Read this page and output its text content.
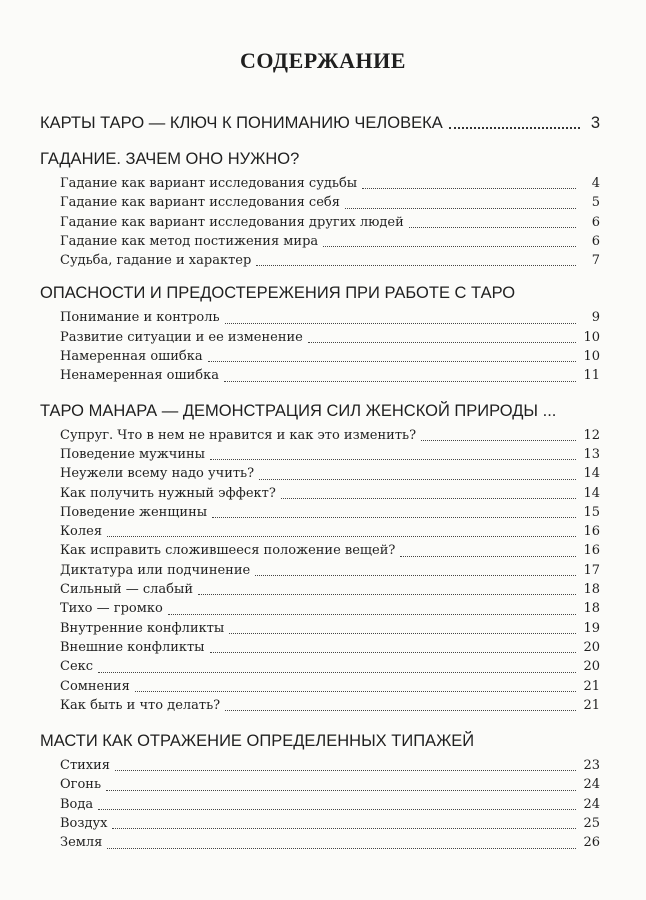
СОДЕРЖАНИЕ
КАРТЫ ТАРО — КЛЮЧ К ПОНИМАНИЮ ЧЕЛОВЕКА	3
ГАДАНИЕ. ЗАЧЕМ ОНО НУЖНО?
Гадание как вариант исследования судьбы	4
Гадание как вариант исследования себя	5
Гадание как вариант исследования других людей	6
Гадание как метод постижения мира	6
Судьба, гадание и характер	7
ОПАСНОСТИ И ПРЕДОСТЕРЕЖЕНИЯ ПРИ РАБОТЕ С ТАРО
Понимание и контроль	9
Развитие ситуации и ее изменение	10
Намеренная ошибка	10
Ненамеренная ошибка	11
ТАРО МАНАРА — ДЕМОНСТРАЦИЯ СИЛ ЖЕНСКОЙ ПРИРОДЫ ...
Супруг. Что в нем не нравится и как это изменить?	12
Поведение мужчины	13
Неужели всему надо учить?	14
Как получить нужный эффект?	14
Поведение женщины	15
Колея	16
Как исправить сложившееся положение вещей?	16
Диктатура или подчинение	17
Сильный — слабый	18
Тихо — громко	18
Внутренние конфликты	19
Внешние конфликты	20
Секс	20
Сомнения	21
Как быть и что делать?	21
МАСТИ КАК ОТРАЖЕНИЕ ОПРЕДЕЛЕННЫХ ТИПАЖЕЙ
Стихия	23
Огонь	24
Вода	24
Воздух	25
Земля	26
